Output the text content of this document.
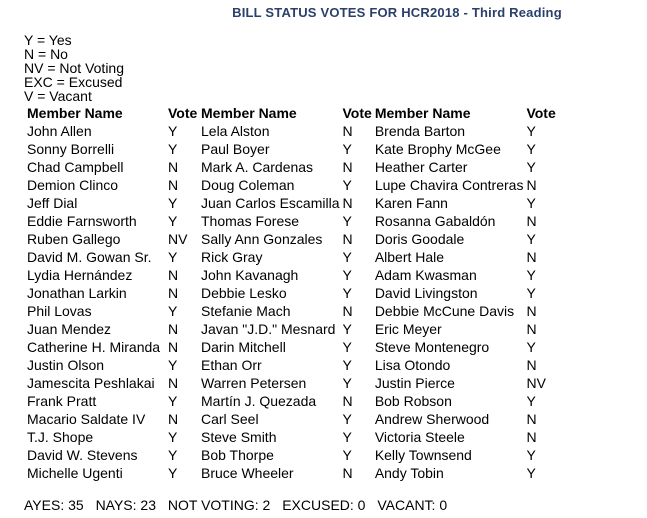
BILL STATUS VOTES FOR HCR2018 - Third Reading
Y = Yes
N = No
NV = Not Voting
EXC = Excused
V = Vacant
Member Name	Vote	Member Name	Vote	Member Name	Vote
John Allen	Y	Lela Alston	N	Brenda Barton	Y
Sonny Borrelli	Y	Paul Boyer	Y	Kate Brophy McGee	Y
Chad Campbell	N	Mark A. Cardenas	N	Heather Carter	Y
Demion Clinco	N	Doug Coleman	Y	Lupe Chavira Contreras	N
Jeff Dial	Y	Juan Carlos Escamilla	N	Karen Fann	Y
Eddie Farnsworth	Y	Thomas Forese	Y	Rosanna Gabaldón	N
Ruben Gallego	NV	Sally Ann Gonzales	N	Doris Goodale	Y
David M. Gowan Sr.	Y	Rick Gray	Y	Albert Hale	N
Lydia Hernández	N	John Kavanagh	Y	Adam Kwasman	Y
Jonathan Larkin	N	Debbie Lesko	Y	David Livingston	Y
Phil Lovas	Y	Stefanie Mach	N	Debbie McCune Davis	N
Juan Mendez	N	Javan "J.D." Mesnard	Y	Eric Meyer	N
Catherine H. Miranda	N	Darin Mitchell	Y	Steve Montenegro	Y
Justin Olson	Y	Ethan Orr	Y	Lisa Otondo	N
Jamescita Peshlakai	N	Warren Petersen	Y	Justin Pierce	NV
Frank Pratt	Y	Martín J. Quezada	N	Bob Robson	Y
Macario Saldate IV	N	Carl Seel	Y	Andrew Sherwood	N
T.J. Shope	Y	Steve Smith	Y	Victoria Steele	N
David W. Stevens	Y	Bob Thorpe	Y	Kelly Townsend	Y
Michelle Ugenti	Y	Bruce Wheeler	N	Andy Tobin	Y
AYES: 35 NAYS: 23 NOT VOTING: 2 EXCUSED: 0 VACANT: 0
